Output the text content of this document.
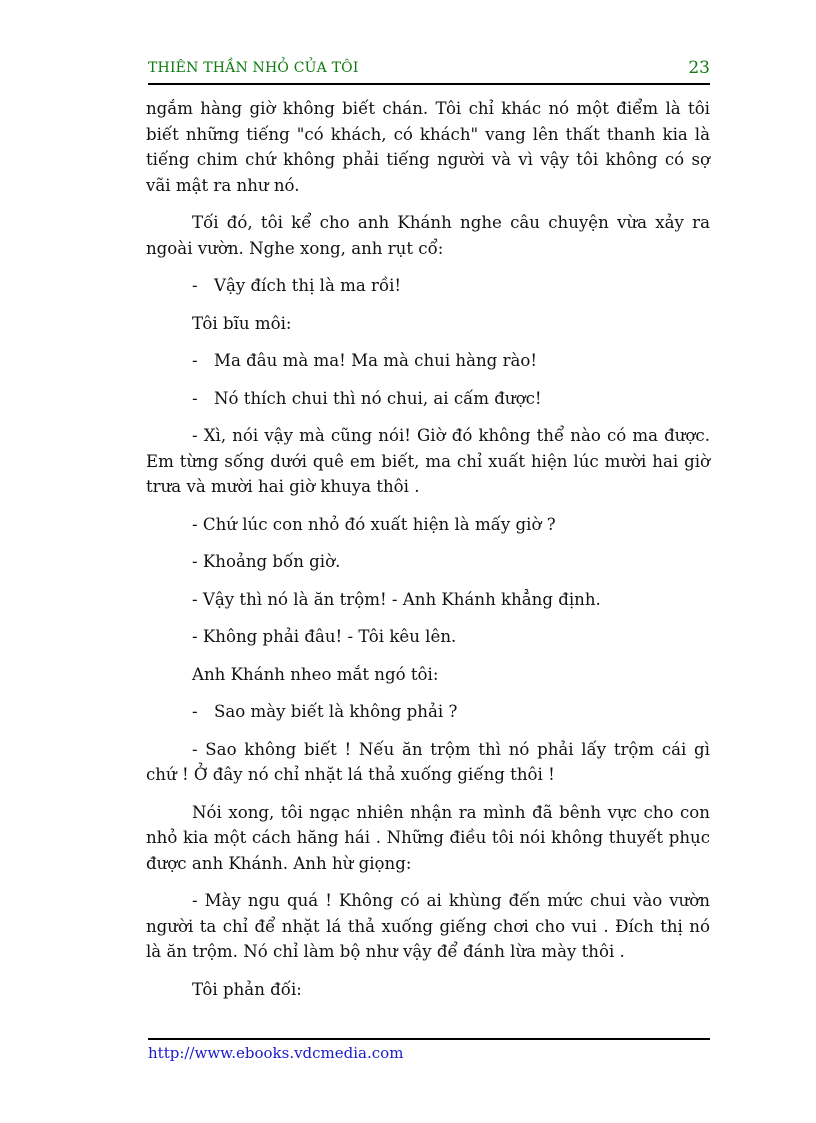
THIÊN THẦN NHỎ CỦA TÔI	23

ngắm hàng giờ không biết chán. Tôi chỉ khác nó một điểm là tôi biết những tiếng "có khách, có khách" vang lên thất thanh kia là tiếng chim chứ không phải tiếng người và vì vậy tôi không có sợ vãi mật ra như nó.

Tối đó, tôi kể cho anh Khánh nghe câu chuyện vừa xảy ra ngoài vườn. Nghe xong, anh rụt cổ:

- Vậy đích thị là ma rồi!

Tôi bĩu môi:

- Ma đâu mà ma! Ma mà chui hàng rào!
- Nó thích chui thì nó chui, ai cấm được!

- Xì, nói vậy mà cũng nói! Giờ đó không thể nào có ma được. Em từng sống dưới quê em biết, ma chỉ xuất hiện lúc mười hai giờ trưa và mười hai giờ khuya thôi .

- Chứ lúc con nhỏ đó xuất hiện là mấy giờ ?

- Khoảng bốn giờ.

- Vậy thì nó là ăn trộm! - Anh Khánh khẳng định.

- Không phải đâu! - Tôi kêu lên.

Anh Khánh nheo mắt ngó tôi:

- Sao mày biết là không phải ?

- Sao không biết ! Nếu ăn trộm thì nó phải lấy trộm cái gì chứ ! Ở đây nó chỉ nhặt lá thả xuống giếng thôi !

Nói xong, tôi ngạc nhiên nhận ra mình đã bênh vực cho con nhỏ kia một cách hăng hái . Những điều tôi nói không thuyết phục được anh Khánh. Anh hừ giọng:

- Mày ngu quá ! Không có ai khùng đến mức chui vào vườn người ta chỉ để nhặt lá thả xuống giếng chơi cho vui . Đích thị nó là ăn trộm. Nó chỉ làm bộ như vậy để đánh lừa mày thôi .

Tôi phản đối:

http://www.ebooks.vdcmedia.com
